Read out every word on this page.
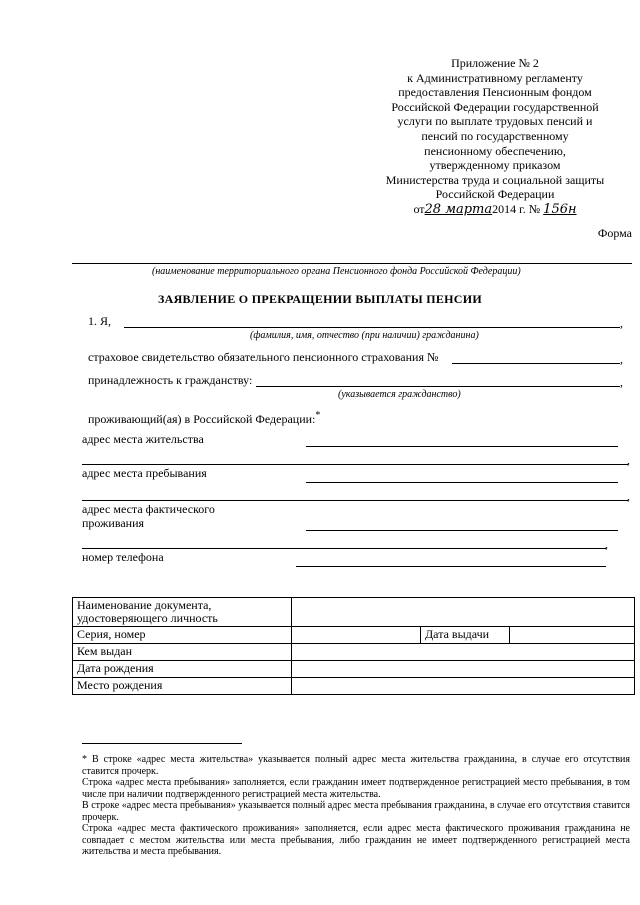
Приложение № 2
к Административному регламенту
предоставления Пенсионным фондом
Российской Федерации государственной
услуги по выплате трудовых пенсий и
пенсий по государственному
пенсионному обеспечению,
утвержденному приказом
Министерства труда и социальной защиты
Российской Федерации
от28 марта2014 г. № 156н
Форма
(наименование территориального органа Пенсионного фонда Российской Федерации)
ЗАЯВЛЕНИЕ О ПРЕКРАЩЕНИИ ВЫПЛАТЫ ПЕНСИИ
1. Я,	,
(фамилия, имя, отчество (при наличии) гражданина)
страховое свидетельство обязательного пенсионного страхования №	,
принадлежность к гражданству:	,
(указывается гражданство)
проживающий(ая) в Российской Федерации:*
адрес места жительства
,
адрес места пребывания
,
адрес места фактического
проживания
,
номер телефона
Наименование документа,
удостоверяющего личность			
Серия, номер		Дата выдачи	
Кем выдан			
Дата рождения			
Место рождения			

* В строке «адрес места жительства» указывается полный адрес места жительства гражданина, в случае его отсутствия ставится прочерк.

Строка «адрес места пребывания» заполняется, если гражданин имеет подтвержденное регистрацией место пребывания, в том числе при наличии подтвержденного регистрацией места жительства.

В строке «адрес места пребывания» указывается полный адрес места пребывания гражданина, в случае его отсутствия ставится прочерк.

Строка «адрес места фактического проживания» заполняется, если адрес места фактического проживания гражданина не совпадает с местом жительства или места пребывания, либо гражданин не имеет подтвержденного регистрацией места жительства и места пребывания.
